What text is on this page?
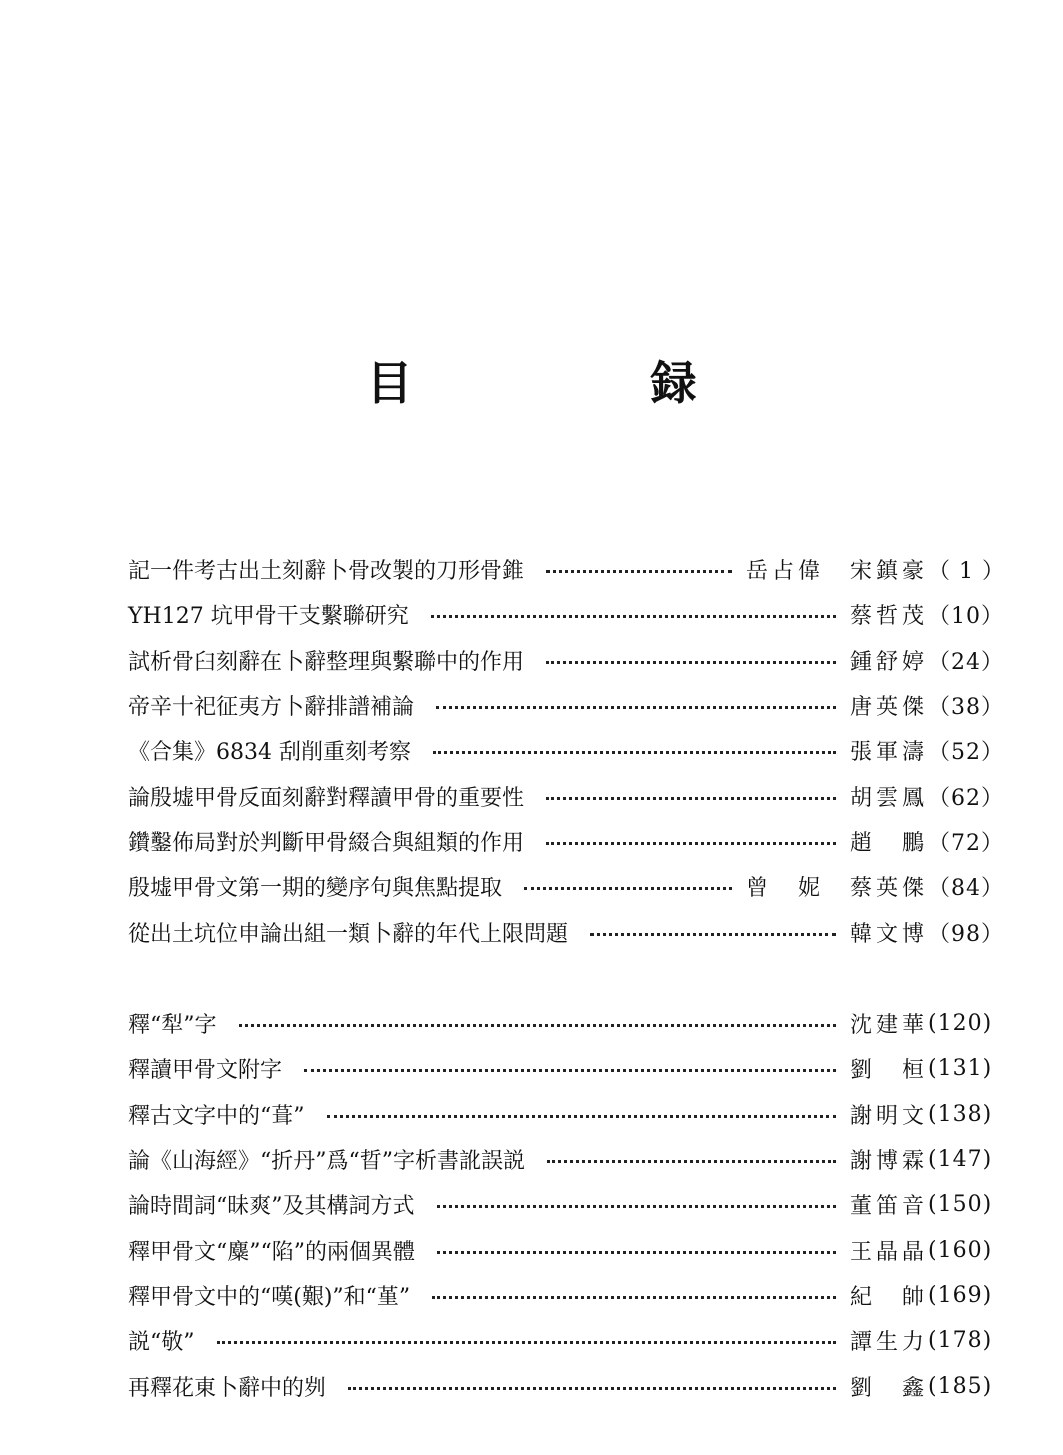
目　録
記一件考古出土刻辭卜骨改製的刀形骨錐	岳占偉　宋鎮豪 （ 1 ）
YH127 坑甲骨干支繫聯研究	蔡哲茂 （10）
試析骨臼刻辭在卜辭整理與繫聯中的作用	鍾舒婷 （24）
帝辛十祀征夷方卜辭排譜補論	唐英傑 （38）
《合集》6834 刮削重刻考察	張軍濤 （52）
論殷墟甲骨反面刻辭對釋讀甲骨的重要性	胡雲鳳 （62）
鑽鑿佈局對於判斷甲骨綴合與組類的作用	趙　鵬 （72）
殷墟甲骨文第一期的變序句與焦點提取	曾　妮　蔡英傑 （84）
從出土坑位申論出組一類卜辭的年代上限問題	韓文博 （98）
釋“犁”字	沈建華 (120)
釋讀甲骨文附字	劉　桓 (131)
釋古文字中的“葺”	謝明文 (138)
論《山海經》“折丹”爲“晢”字析書訛誤説	謝博霖 (147)
論時間詞“昧爽”及其構詞方式	董笛音 (150)
釋甲骨文“麋”“陷”的兩個異體	王晶晶 (160)
釋甲骨文中的“嘆(艱)”和“堇”	紀　帥 (169)
説“敬”	譚生力 (178)
再釋花東卜辭中的刿	劉　鑫 (185)
